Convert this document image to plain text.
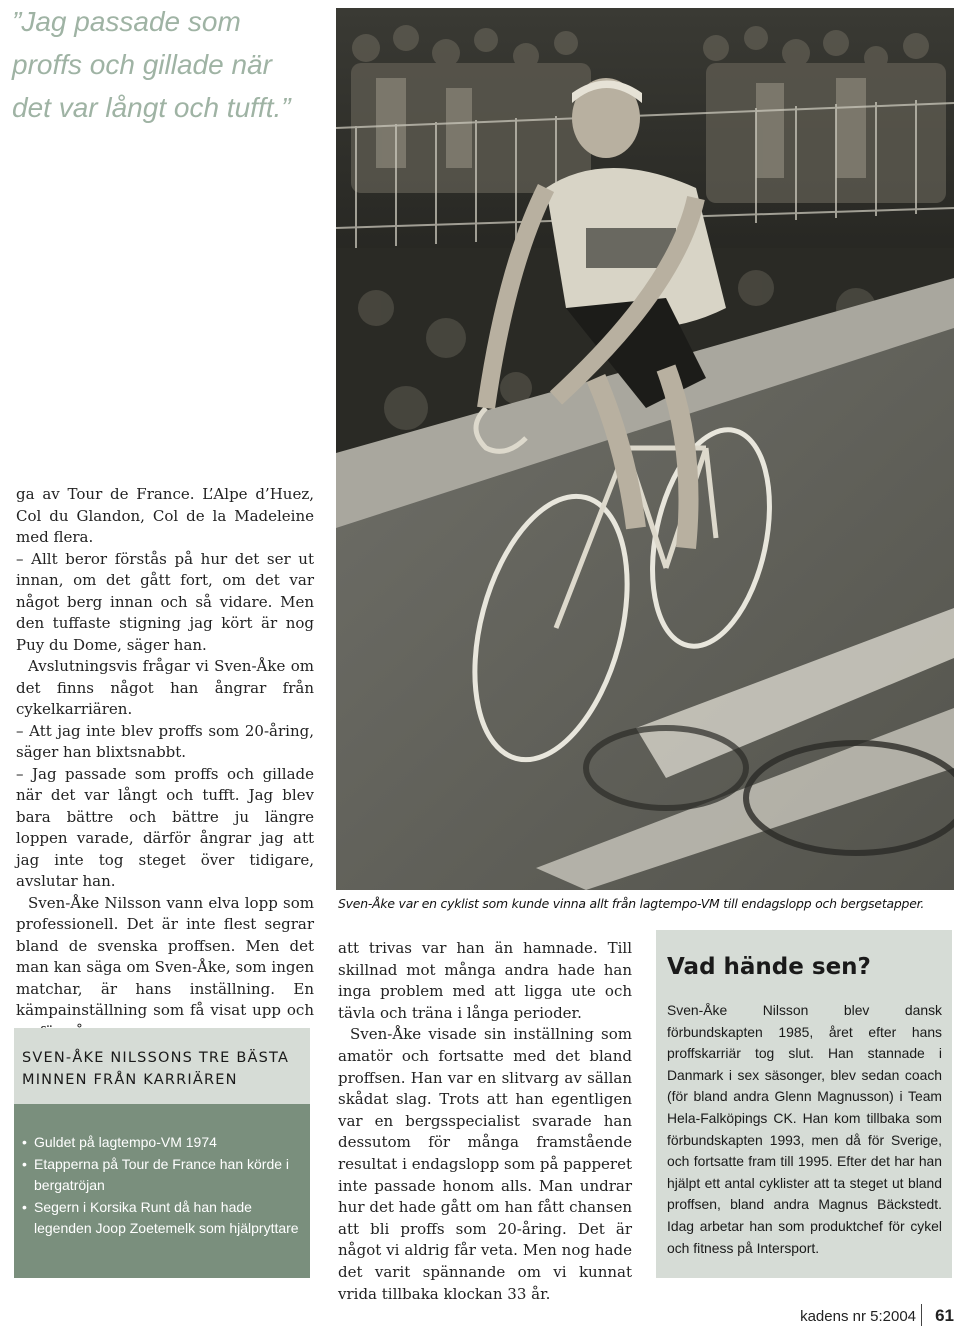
”Jag passade som proffs och gillade när det var långt och tufft.”
Sven-Åke var en cyklist som kunde vinna allt från lagtempo-VM till endagslopp och bergsetapper.

ga av Tour de France. L’Alpe d’Huez, Col du Glandon, Col de la Madeleine med flera.

– Allt beror förstås på hur det ser ut innan, om det gått fort, om det var något berg innan och så vidare. Men den tuffaste stigning jag kört är nog Puy du Dome, säger han.

Avslutningsvis frågar vi Sven-Åke om det finns något han ångrar från cykelkarriären.

– Att jag inte blev proffs som 20-åring, säger han blixtsnabbt.

– Jag passade som proffs och gillade när det var långt och tufft. Jag blev bara bättre och bättre ju längre loppen varade, därför ångrar jag att jag inte tog steget över tidigare, avslutar han.

Sven-Åke Nilsson vann elva lopp som professionell. Det är inte flest segrar bland de svenska proffsen. Men det man kan säga om Sven-Åke, som ingen matchar, är hans inställning. En kämpainställning som få visat upp och

att trivas var han än hamnade. Till skillnad mot många andra hade han inga problem med att ligga ute och tävla och träna i långa perioder.

Sven-Åke visade sin inställning som amatör och fortsatte med det bland proffsen. Han var en slitvarg av sällan skådat slag. Trots att han egentligen var en bergsspecialist svarade han dessutom för många framstående resultat i endagslopp som på papperet inte passade honom alls. Man undrar hur det hade gått om han fått chansen att bli proffs som 20-åring. Det är något vi aldrig får veta. Men nog hade det varit spännande om vi kunnat vrida tillbaka klockan 33 år.

SVEN-ÅKE NILSSONS TRE BÄSTA
MINNEN FRÅN KARRIÄREN
• Guldet på lagtempo-VM 1974
• Etapperna på Tour de France han körde i bergatröjan
• Segern i Korsika Runt då han hade legenden Joop Zoetemelk som hjälpryttare
Vad hände sen?

Sven-Åke Nilsson blev dansk förbundskapten 1985, året efter hans proffskarriär tog slut. Han stannade i Danmark i sex säsonger, blev sedan coach (för bland andra Glenn Magnusson) i Team Hela-Falköpings CK. Han kom tillbaka som förbundskapten 1993, men då för Sverige, och fortsatte fram till 1995. Efter det har han hjälpt ett antal cyklister att ta steget ut bland proffsen, bland andra Magnus Bäckstedt. Idag arbetar han som produktchef för cykel och fitness på Intersport.

kadens nr 5:2004 61
